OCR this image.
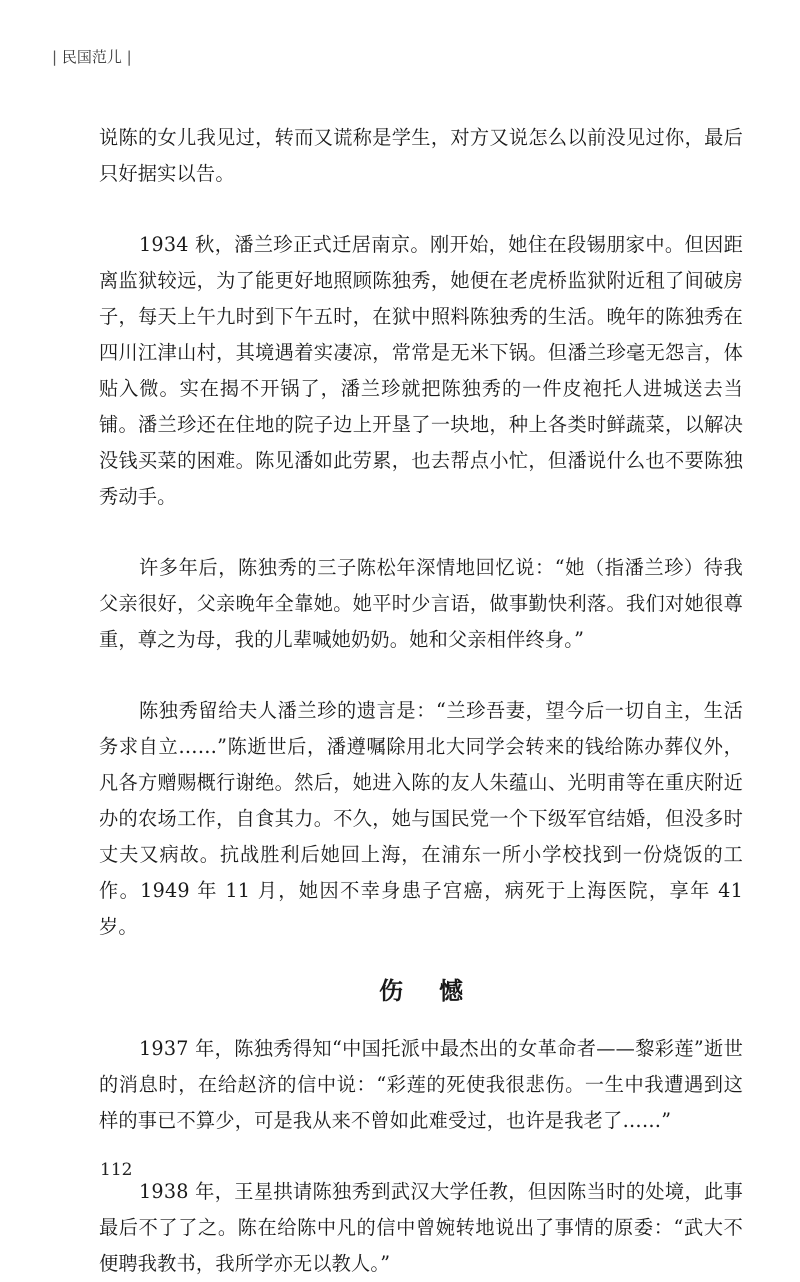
| 民国范儿 |

说陈的女儿我见过，转而又谎称是学生，对方又说怎么以前没见过你，最后只好据实以告。

1934 秋，潘兰珍正式迁居南京。刚开始，她住在段锡朋家中。但因距离监狱较远，为了能更好地照顾陈独秀，她便在老虎桥监狱附近租了间破房子，每天上午九时到下午五时，在狱中照料陈独秀的生活。晚年的陈独秀在四川江津山村，其境遇着实凄凉，常常是无米下锅。但潘兰珍毫无怨言，体贴入微。实在揭不开锅了，潘兰珍就把陈独秀的一件皮袍托人进城送去当铺。潘兰珍还在住地的院子边上开垦了一块地，种上各类时鲜蔬菜，以解决没钱买菜的困难。陈见潘如此劳累，也去帮点小忙，但潘说什么也不要陈独秀动手。

许多年后，陈独秀的三子陈松年深情地回忆说：“她（指潘兰珍）待我父亲很好，父亲晚年全靠她。她平时少言语，做事勤快利落。我们对她很尊重，尊之为母，我的儿辈喊她奶奶。她和父亲相伴终身。”

陈独秀留给夫人潘兰珍的遗言是：“兰珍吾妻，望今后一切自主，生活务求自立……”陈逝世后，潘遵嘱除用北大同学会转来的钱给陈办葬仪外，凡各方赠赐概行谢绝。然后，她进入陈的友人朱蕴山、光明甫等在重庆附近办的农场工作，自食其力。不久，她与国民党一个下级军官结婚，但没多时丈夫又病故。抗战胜利后她回上海，在浦东一所小学校找到一份烧饭的工作。1949 年 11 月，她因不幸身患子宫癌，病死于上海医院，享年 41 岁。

伤憾

1937 年，陈独秀得知“中国托派中最杰出的女革命者——黎彩莲”逝世的消息时，在给赵济的信中说：“彩莲的死使我很悲伤。一生中我遭遇到这样的事已不算少，可是我从来不曾如此难受过，也许是我老了……”

1938 年，王星拱请陈独秀到武汉大学任教，但因陈当时的处境，此事最后不了了之。陈在给陈中凡的信中曾婉转地说出了事情的原委：“武大不便聘我教书，我所学亦无以教人。”

112
